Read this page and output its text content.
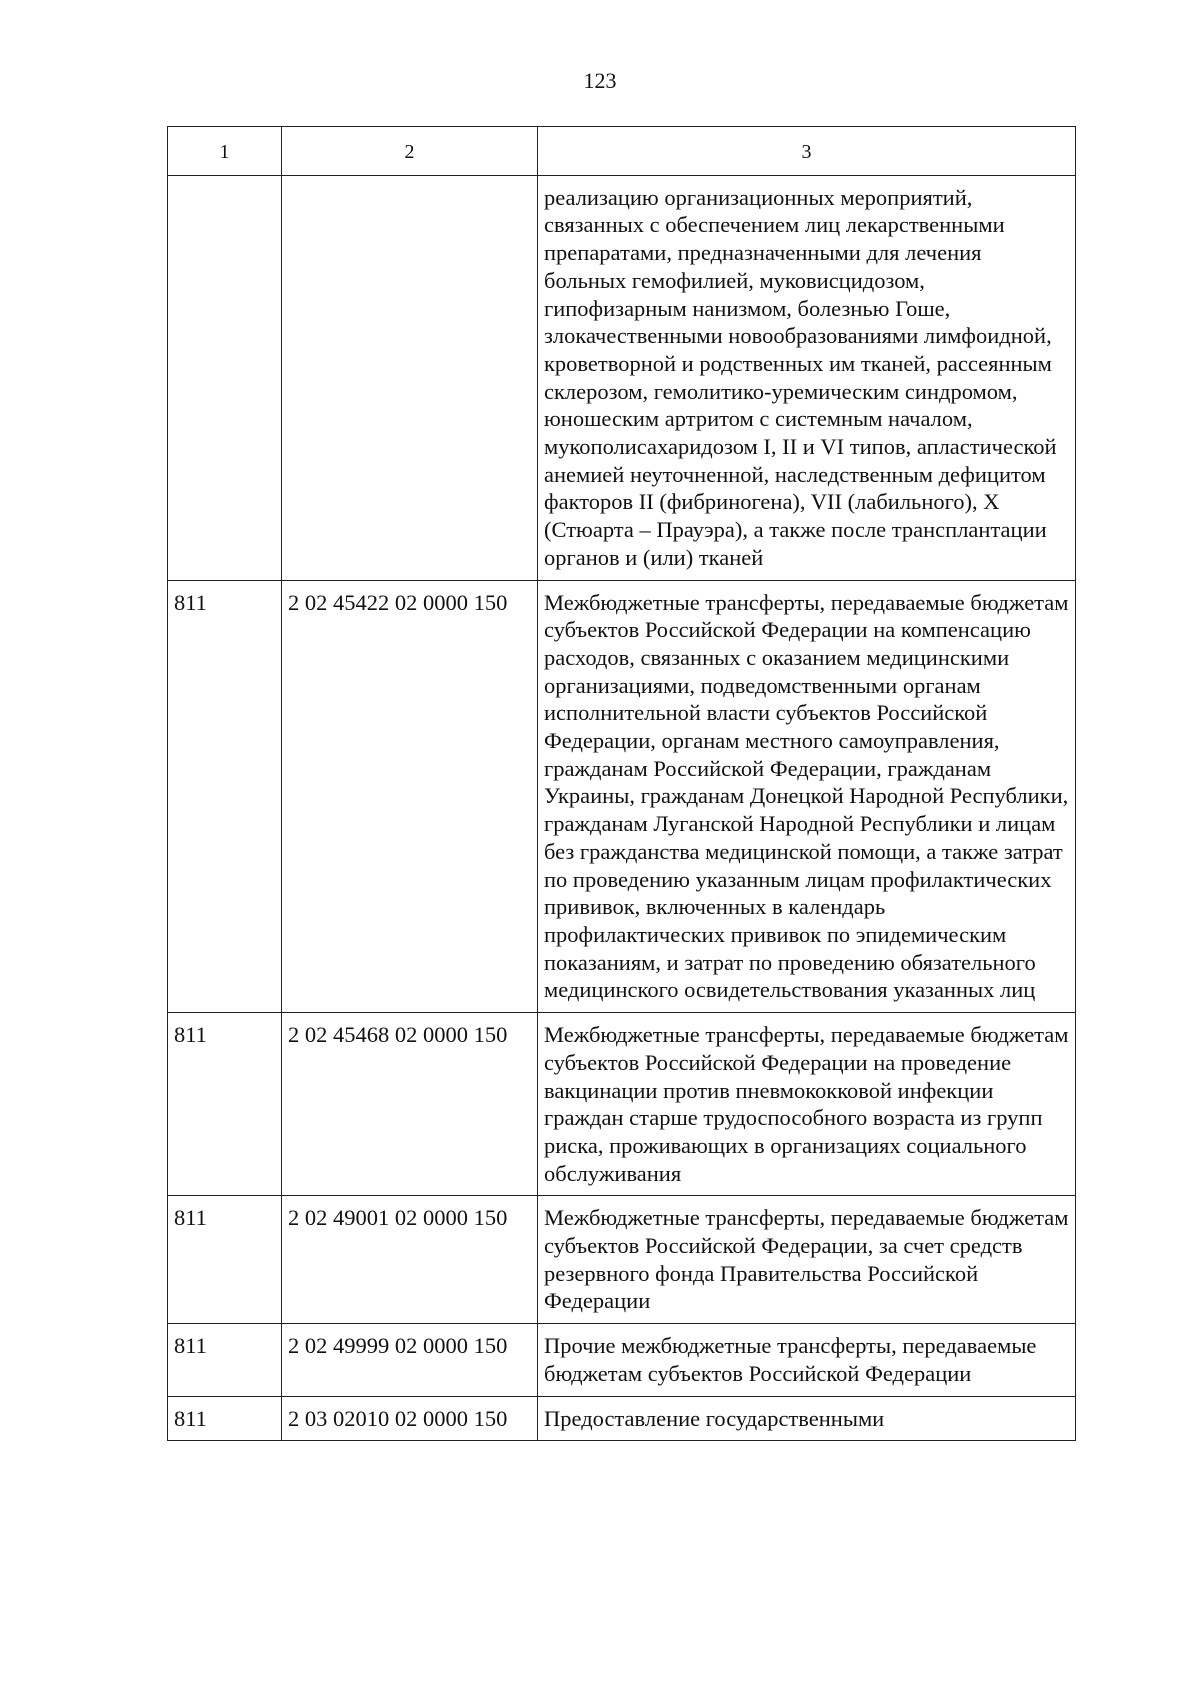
123
1	2	3
		реализацию организационных мероприятий, связанных с обеспечением лиц лекарственными препаратами, предназначенными для лечения больных гемофилией, муковисцидозом, гипофизарным нанизмом, болезнью Гоше, злокачественными новообразованиями лимфоидной, кроветворной и родственных им тканей, рассеянным склерозом, гемолитико-уремическим синдромом, юношеским артритом с системным началом, мукополисахаридозом I, II и VI типов, апластической анемией неуточненной, наследственным дефицитом факторов II (фибриногена), VII (лабильного), X (Стюарта – Прауэра), а также после трансплантации органов и (или) тканей
811	2 02 45422 02 0000 150	Межбюджетные трансферты, передаваемые бюджетам субъектов Российской Федерации на компенсацию расходов, связанных с оказанием медицинскими организациями, подведомственными органам исполнительной власти субъектов Российской Федерации, органам местного самоуправления, гражданам Российской Федерации, гражданам Украины, гражданам Донецкой Народной Республики, гражданам Луганской Народной Республики и лицам без гражданства медицинской помощи, а также затрат по проведению указанным лицам профилактических прививок, включенных в календарь профилактических прививок по эпидемическим показаниям, и затрат по проведению обязательного медицинского освидетельствования указанных лиц
811	2 02 45468 02 0000 150	Межбюджетные трансферты, передаваемые бюджетам субъектов Российской Федерации на проведение вакцинации против пневмококковой инфекции граждан старше трудоспособного возраста из групп риска, проживающих в организациях социального обслуживания
811	2 02 49001 02 0000 150	Межбюджетные трансферты, передаваемые бюджетам субъектов Российской Федерации, за счет средств резервного фонда Правительства Российской Федерации
811	2 02 49999 02 0000 150	Прочие межбюджетные трансферты, передаваемые бюджетам субъектов Российской Федерации
811	2 03 02010 02 0000 150	Предоставление государственными
